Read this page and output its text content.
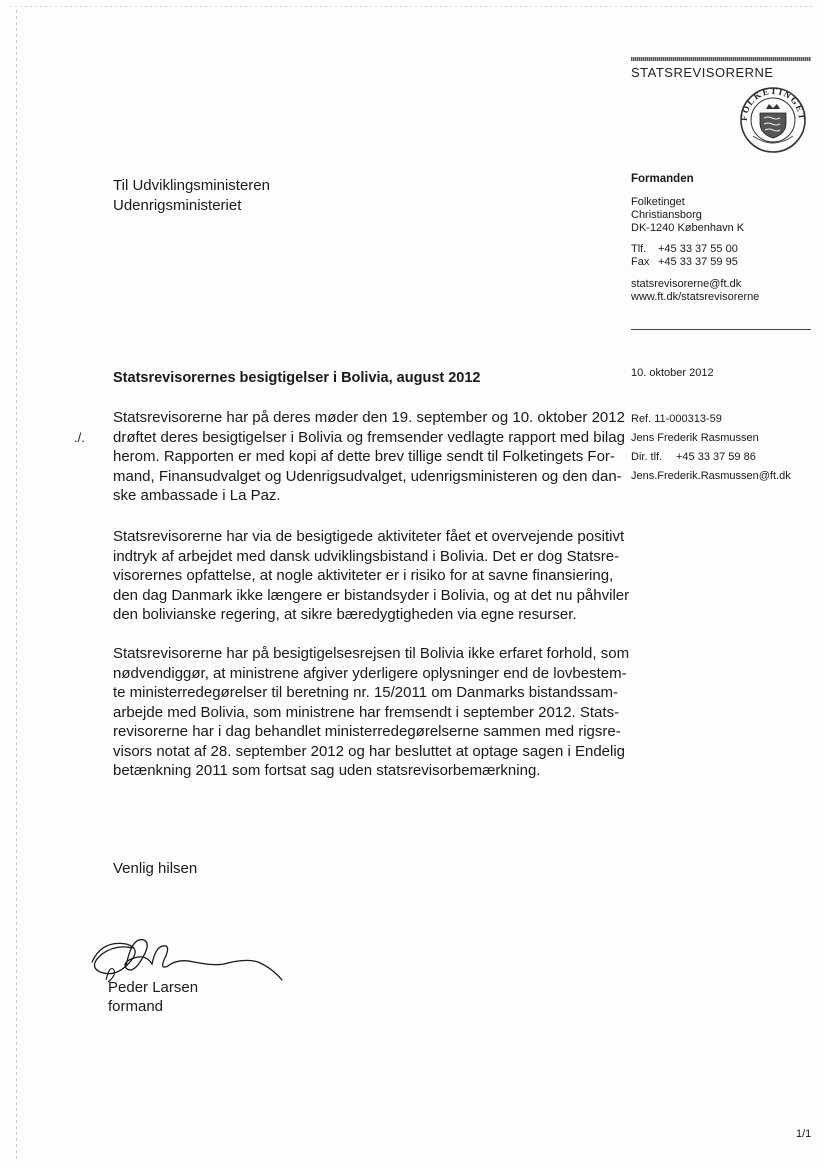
STATSREVISORERNE
FOLKETINGET
Til Udviklingsministeren
Udenrigsministeriet
Formanden
Folketinget
Christiansborg
DK-1240 København K
Tlf. +45 33 37 55 00
Fax +45 33 37 59 95
statsrevisorerne@ft.dk
www.ft.dk/statsrevisorerne
10. oktober 2012
Ref. 11-000313-59
Jens Frederik Rasmussen
Dir. tlf. +45 33 37 59 86
Jens.Frederik.Rasmussen@ft.dk
Statsrevisorernes besigtigelser i Bolivia, august 2012
./.
Statsrevisorerne har på deres møder den 19. september og 10. oktober 2012
drøftet deres besigtigelser i Bolivia og fremsender vedlagte rapport med bilag
herom. Rapporten er med kopi af dette brev tillige sendt til Folketingets For-
mand, Finansudvalget og Udenrigsudvalget, udenrigsministeren og den dan-
ske ambassade i La Paz.
Statsrevisorerne har via de besigtigede aktiviteter fået et overvejende positivt
indtryk af arbejdet med dansk udviklingsbistand i Bolivia. Det er dog Statsre-
visorernes opfattelse, at nogle aktiviteter er i risiko for at savne finansiering,
den dag Danmark ikke længere er bistandsyder i Bolivia, og at det nu påhviler
den bolivianske regering, at sikre bæredygtigheden via egne resurser.
Statsrevisorerne har på besigtigelsesrejsen til Bolivia ikke erfaret forhold, som
nødvendiggør, at ministrene afgiver yderligere oplysninger end de lovbestem-
te ministerredegørelser til beretning nr. 15/2011 om Danmarks bistandssam-
arbejde med Bolivia, som ministrene har fremsendt i september 2012. Stats-
revisorerne har i dag behandlet ministerredegørelserne sammen med rigsre-
visors notat af 28. september 2012 og har besluttet at optage sagen i Endelig
betænkning 2011 som fortsat sag uden statsrevisorbemærkning.
Venlig hilsen
Peder Larsen
formand
1/1
